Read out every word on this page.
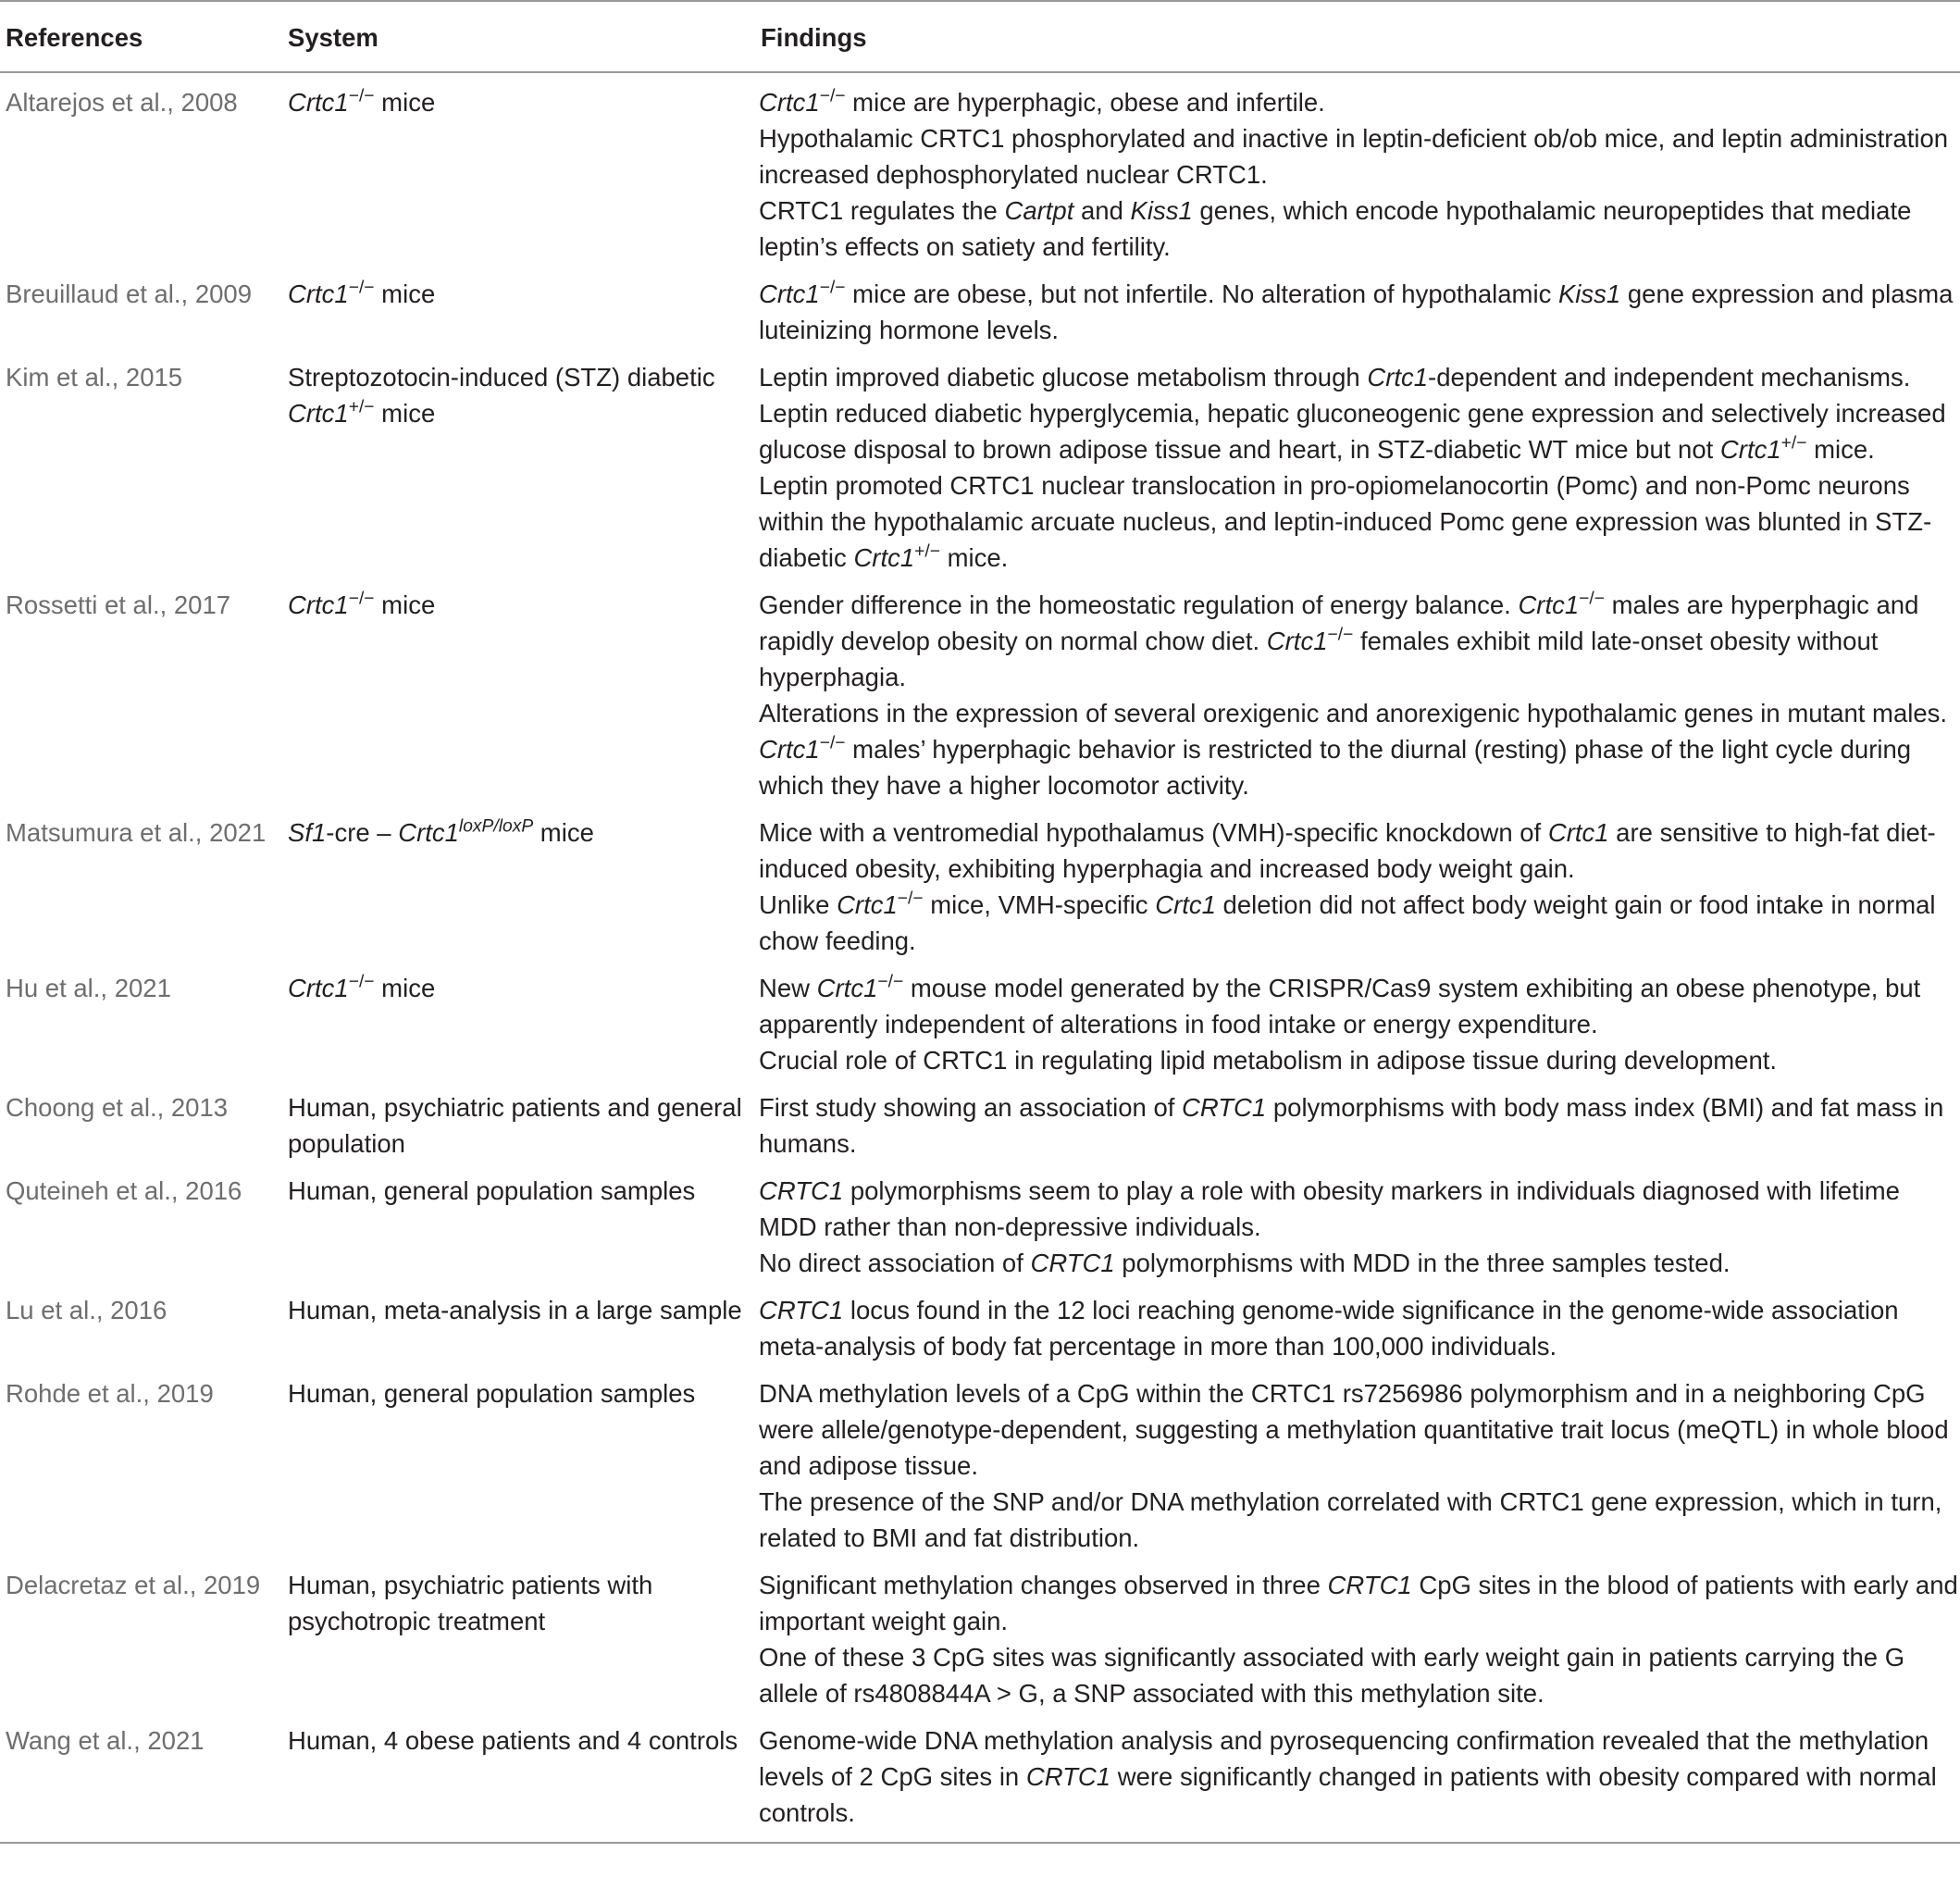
References	System	Findings
Altarejos et al., 2008	Crtc1−/− mice	Crtc1−/− mice are hyperphagic, obese and infertile.
Hypothalamic CRTC1 phosphorylated and inactive in leptin-deficient ob/ob mice, and leptin administration increased dephosphorylated nuclear CRTC1.
CRTC1 regulates the Cartpt and Kiss1 genes, which encode hypothalamic neuropeptides that mediate leptin’s effects on satiety and fertility.

Breuillaud et al., 2009	Crtc1−/− mice	Crtc1−/− mice are obese, but not infertile. No alteration of hypothalamic Kiss1 gene expression and plasma luteinizing hormone levels.

Kim et al., 2015	Streptozotocin-induced (STZ) diabetic Crtc1+/− mice	Leptin improved diabetic glucose metabolism through Crtc1-dependent and independent mechanisms.
Leptin reduced diabetic hyperglycemia, hepatic gluconeogenic gene expression and selectively increased glucose disposal to brown adipose tissue and heart, in STZ-diabetic WT mice but not Crtc1+/− mice.
Leptin promoted CRTC1 nuclear translocation in pro-opiomelanocortin (Pomc) and non-Pomc neurons within the hypothalamic arcuate nucleus, and leptin-induced Pomc gene expression was blunted in STZ-diabetic Crtc1+/− mice.

Rossetti et al., 2017	Crtc1−/− mice	Gender difference in the homeostatic regulation of energy balance. Crtc1−/− males are hyperphagic and rapidly develop obesity on normal chow diet. Crtc1−/− females exhibit mild late-onset obesity without hyperphagia.
Alterations in the expression of several orexigenic and anorexigenic hypothalamic genes in mutant males.
Crtc1−/− males’ hyperphagic behavior is restricted to the diurnal (resting) phase of the light cycle during which they have a higher locomotor activity.

Matsumura et al., 2021	$Sf1-cre - Crtc1^{loxP/loxP}$ mice	Mice with a ventromedial hypothalamus (VMH)-specific knockdown of Crtc1 are sensitive to high-fat diet-induced obesity, exhibiting hyperphagia and increased body weight gain.
Unlike Crtc1−/− mice, VMH-specific Crtc1 deletion did not affect body weight gain or food intake in normal chow feeding.

Hu et al., 2021	Crtc1−/− mice	New Crtc1−/− mouse model generated by the CRISPR/Cas9 system exhibiting an obese phenotype, but apparently independent of alterations in food intake or energy expenditure.
Crucial role of CRTC1 in regulating lipid metabolism in adipose tissue during development.

Choong et al., 2013	Human, psychiatric patients and general population	First study showing an association of CRTC1 polymorphisms with body mass index (BMI) and fat mass in humans.

Quteineh et al., 2016	Human, general population samples	CRTC1 polymorphisms seem to play a role with obesity markers in individuals diagnosed with lifetime MDD rather than non-depressive individuals.
No direct association of CRTC1 polymorphisms with MDD in the three samples tested.

Lu et al., 2016	Human, meta-analysis in a large sample	CRTC1 locus found in the 12 loci reaching genome-wide significance in the genome-wide association meta-analysis of body fat percentage in more than 100,000 individuals.

Rohde et al., 2019	Human, general population samples	DNA methylation levels of a CpG within the CRTC1 rs7256986 polymorphism and in a neighboring CpG were allele/genotype-dependent, suggesting a methylation quantitative trait locus (meQTL) in whole blood and adipose tissue.
The presence of the SNP and/or DNA methylation correlated with CRTC1 gene expression, which in turn, related to BMI and fat distribution.

Delacretaz et al., 2019	Human, psychiatric patients with psychotropic treatment	Significant methylation changes observed in three CRTC1 CpG sites in the blood of patients with early and important weight gain.
One of these 3 CpG sites was significantly associated with early weight gain in patients carrying the G allele of rs4808844A > G, a SNP associated with this methylation site.

Wang et al., 2021	Human, 4 obese patients and 4 controls	Genome-wide DNA methylation analysis and pyrosequencing confirmation revealed that the methylation levels of 2 CpG sites in CRTC1 were significantly changed in patients with obesity compared with normal controls.
